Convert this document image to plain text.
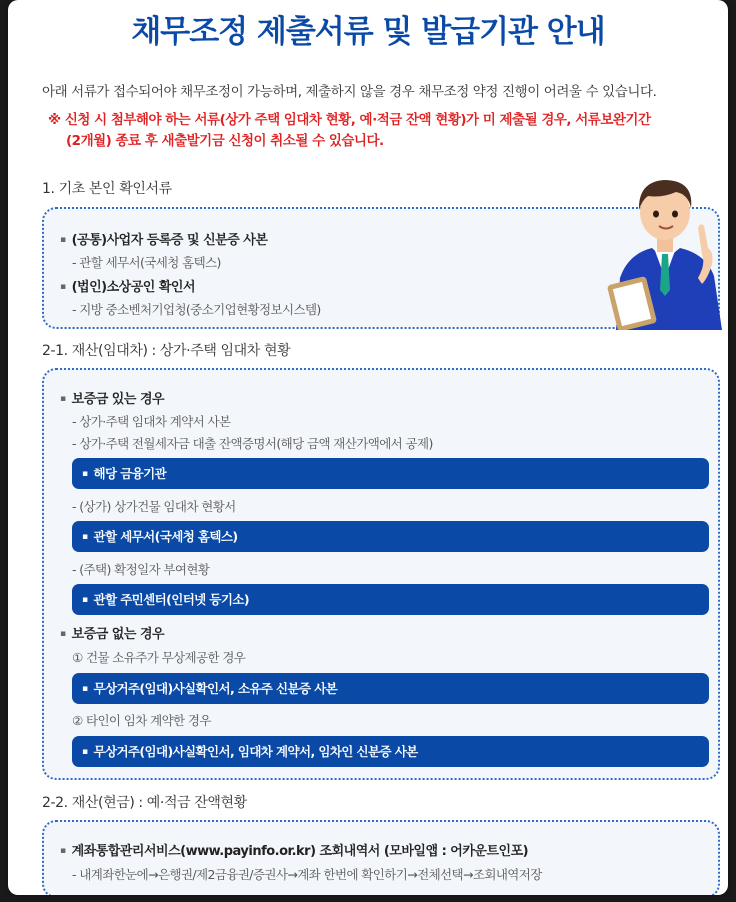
채무조정 제출서류 및 발급기관 안내
아래 서류가 접수되어야 채무조정이 가능하며, 제출하지 않을 경우 채무조정 약정 진행이 어려울 수 있습니다.
※ 신청 시 첨부해야 하는 서류(상가 주택 임대차 현황, 예·적금 잔액 현황)가 미 제출될 경우, 서류보완기간
(2개월) 종료 후 새출발기금 신청이 취소될 수 있습니다.
1. 기초 본인 확인서류
▪ (공통)사업자 등록증 및 신분증 사본
- 관할 세무서(국세청 홈텍스)
▪ (법인)소상공인 확인서
- 지방 중소벤처기업청(중소기업현황정보시스템)
2-1. 재산(임대차) : 상가·주택 임대차 현황
▪ 보증금 있는 경우
- 상가·주택 임대차 계약서 사본
- 상가·주택 전월세자금 대출 잔액증명서(해당 금액 재산가액에서 공제)
▪ 해당 금융기관
- (상가) 상가건물 임대차 현황서
▪ 관할 세무서(국세청 홈텍스)
- (주택) 확정일자 부여현황
▪ 관할 주민센터(인터넷 등기소)
▪ 보증금 없는 경우
① 건물 소유주가 무상제공한 경우
▪ 무상거주(임대)사실확인서, 소유주 신분증 사본
② 타인이 임차 계약한 경우
▪ 무상거주(임대)사실확인서, 임대차 계약서, 임차인 신분증 사본
2-2. 재산(현금) : 예·적금 잔액현황
▪ 계좌통합관리서비스(www.payinfo.or.kr) 조회내역서 (모바일앱 : 어카운트인포)
- 내계좌한눈에→은행권/제2금융권/증권사→계좌 한번에 확인하기→전체선택→조회내역저장
